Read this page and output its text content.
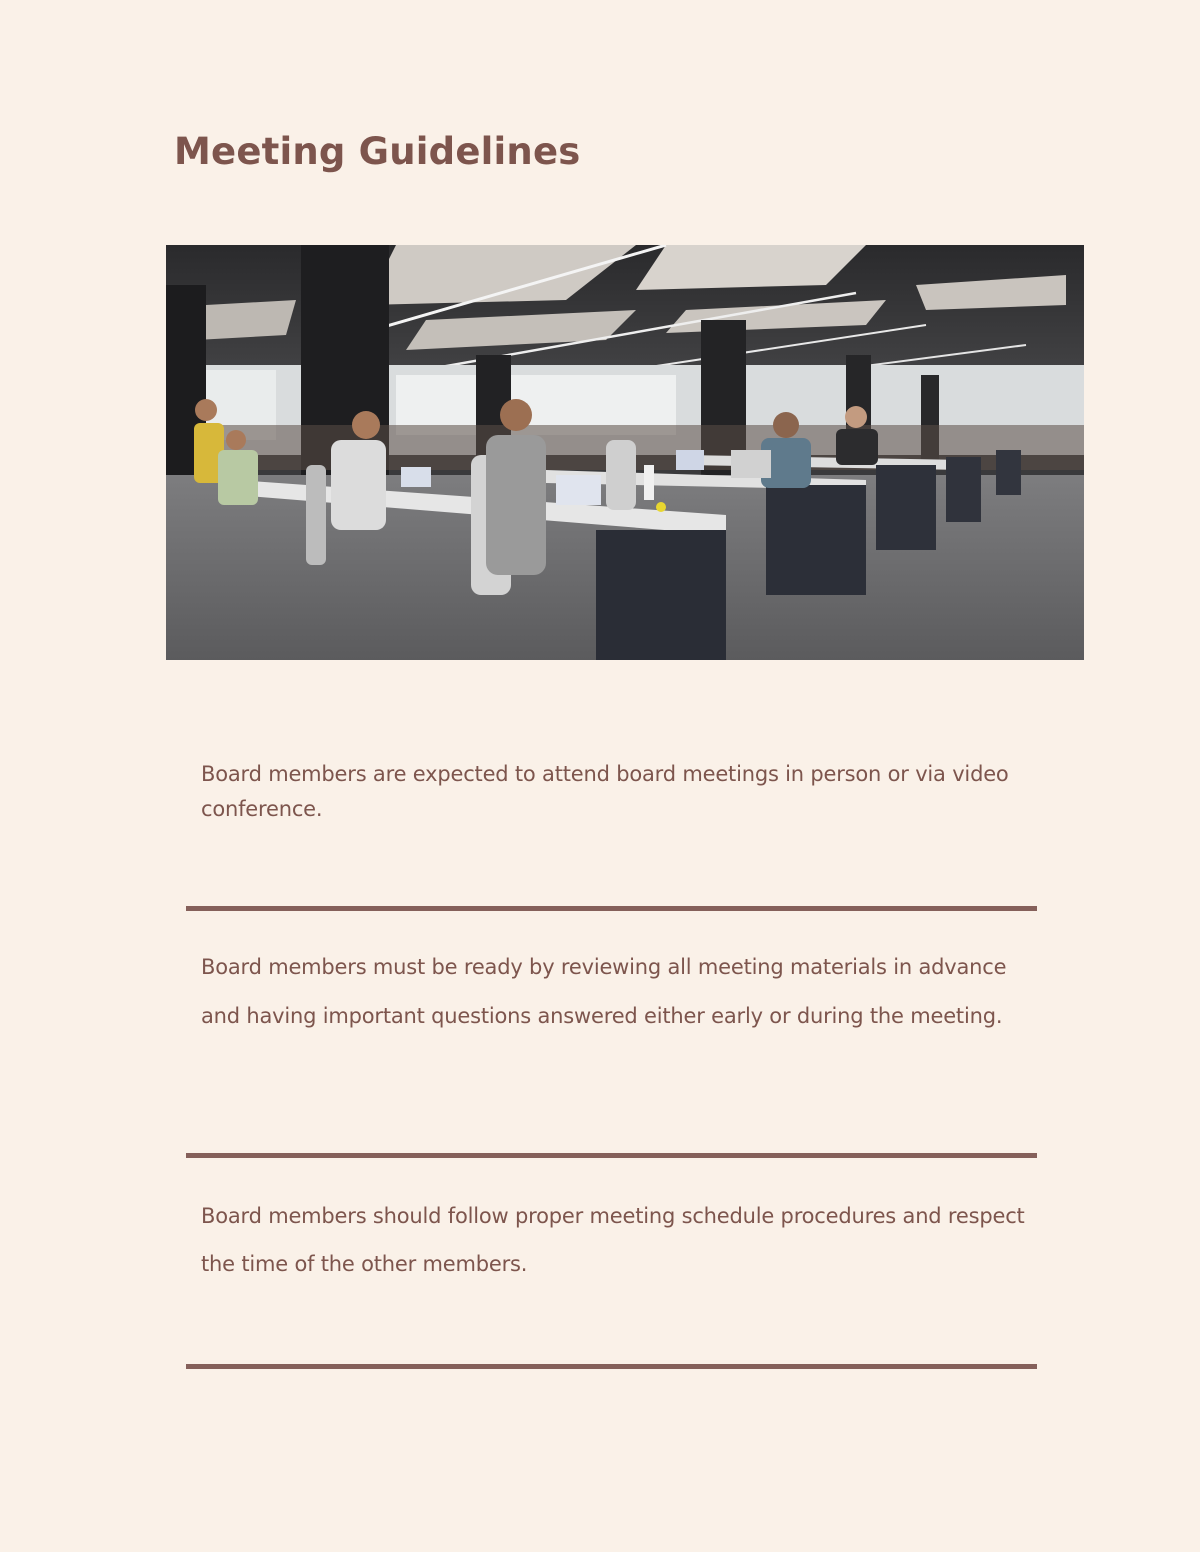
Meeting Guidelines

Board members are expected to attend board meetings in person or via video conference.

Board members must be ready by reviewing all meeting materials in advance and having important questions answered either early or during the meeting.

Board members should follow proper meeting schedule procedures and respect the time of the other members.
